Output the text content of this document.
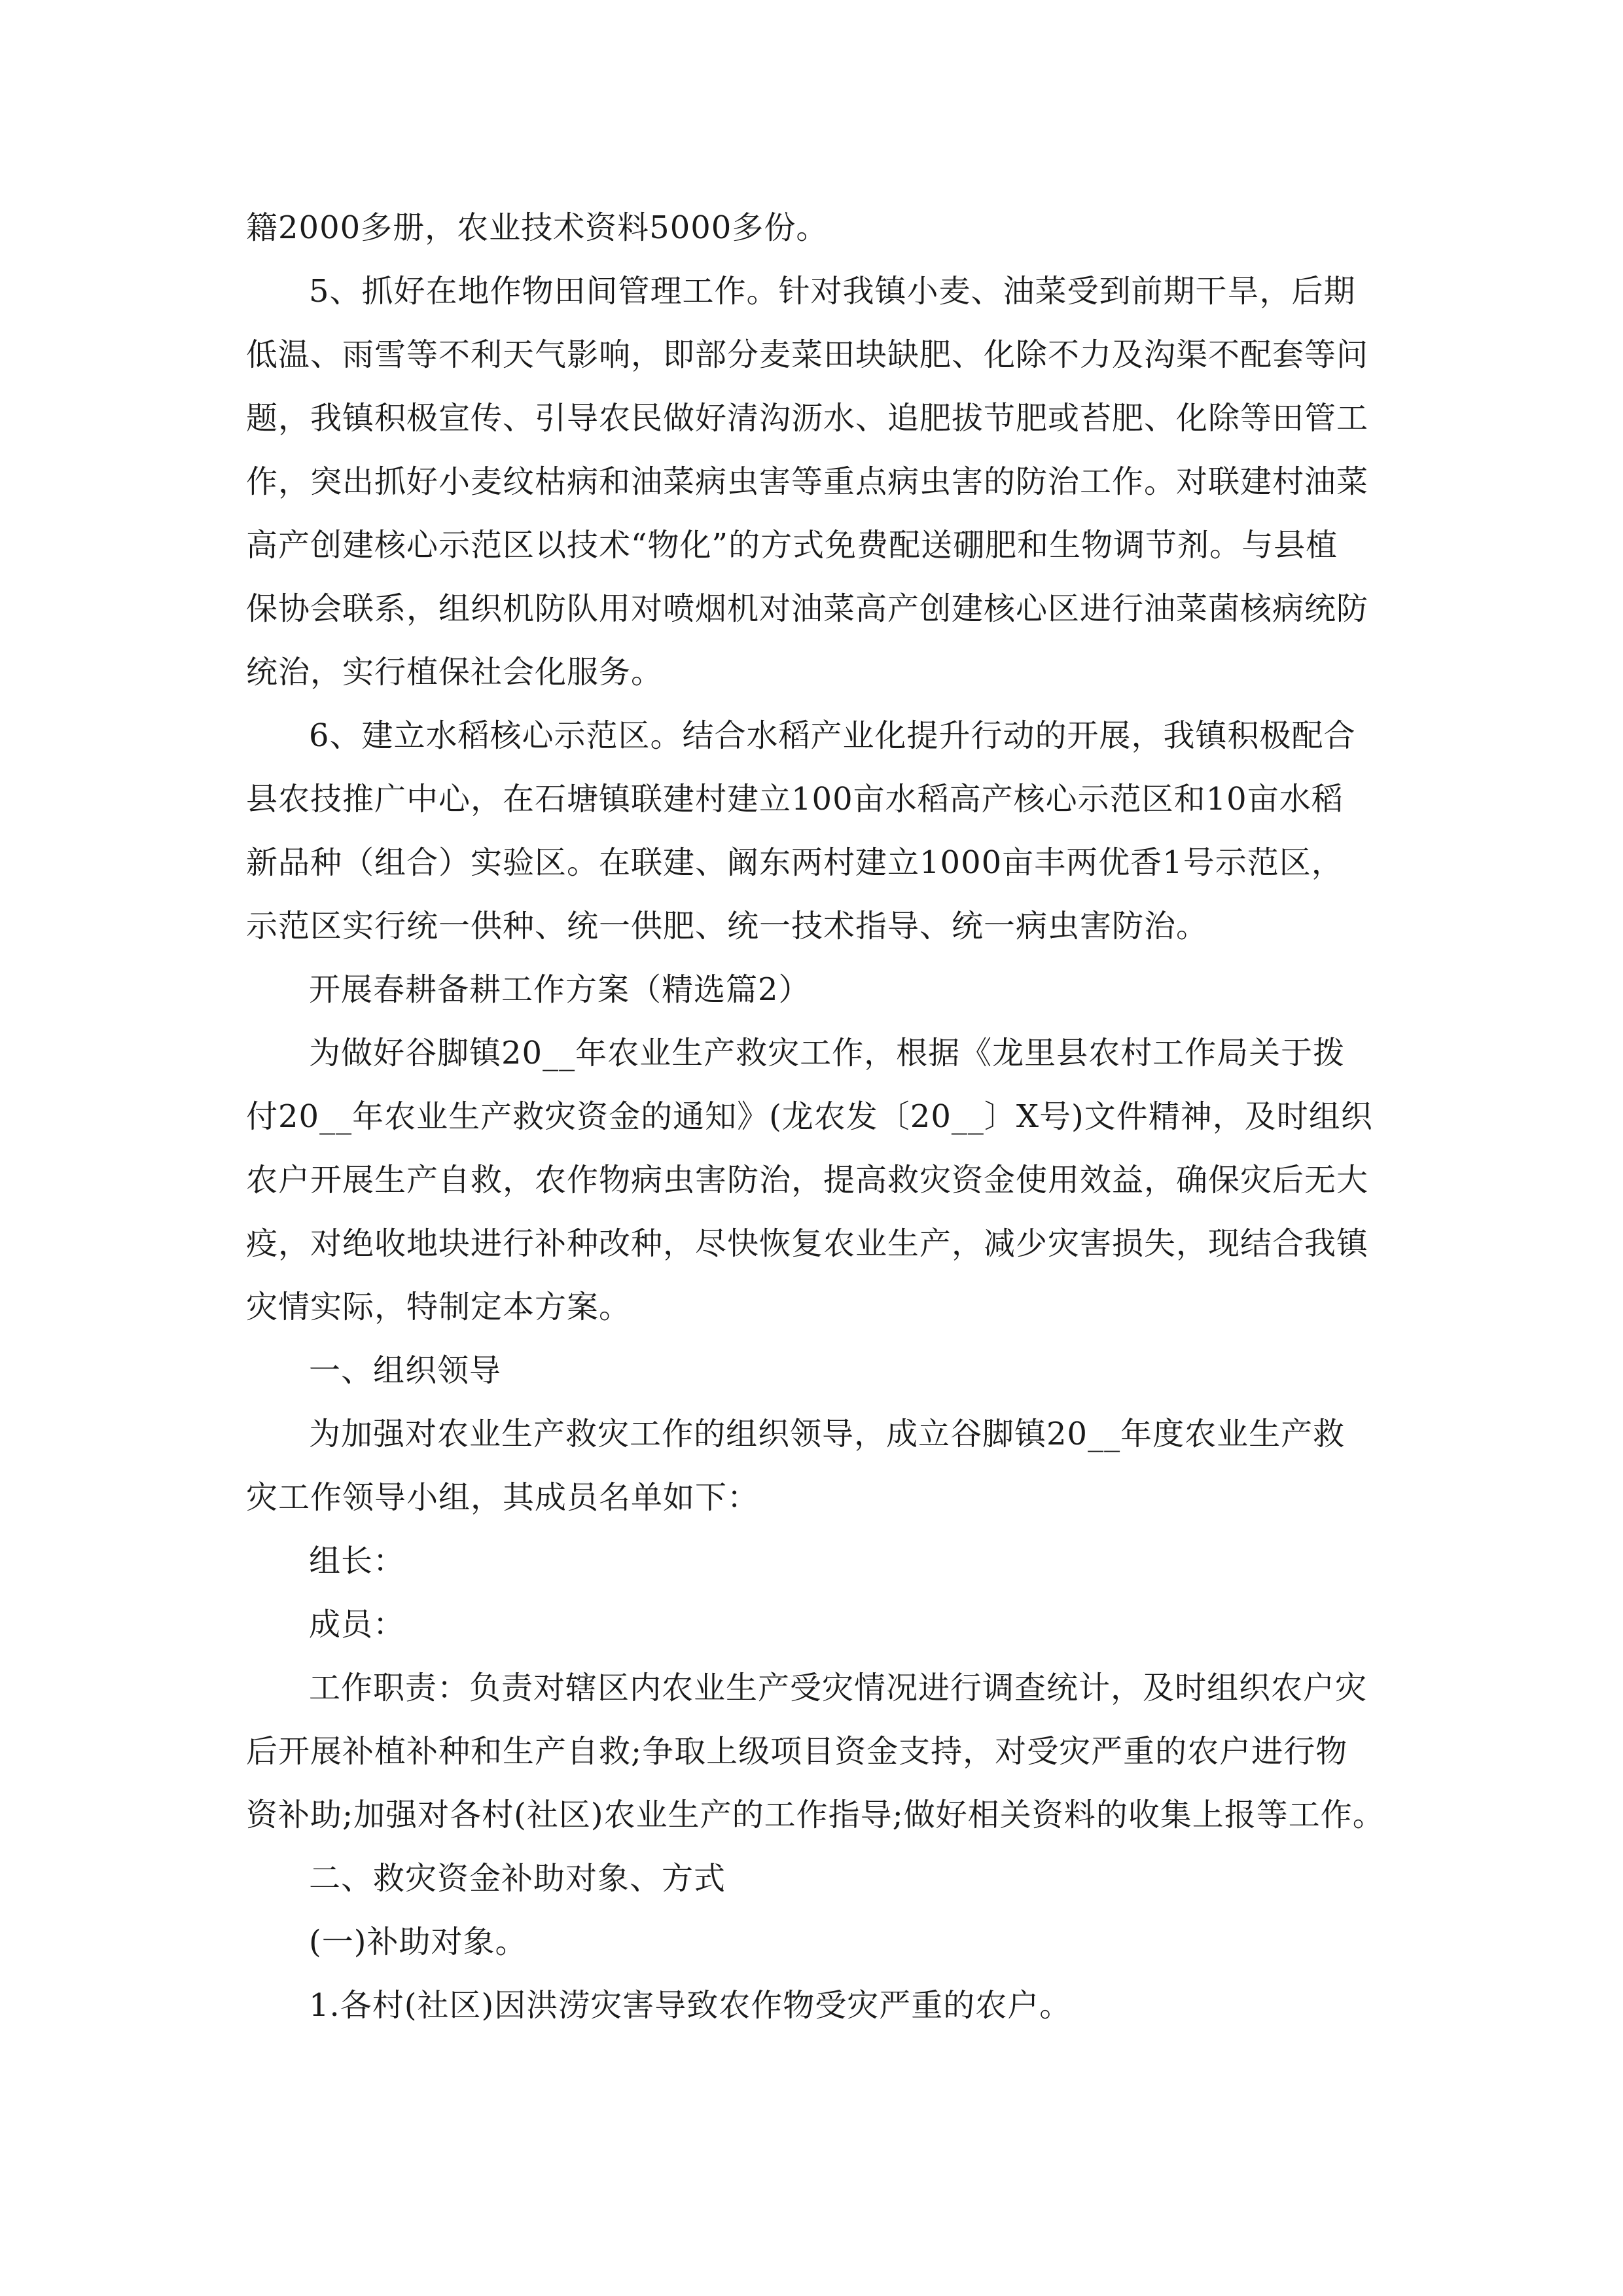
籍2000多册，农业技术资料5000多份。
5、抓好在地作物田间管理工作。针对我镇小麦、油菜受到前期干旱，后期
低温、雨雪等不利天气影响，即部分麦菜田块缺肥、化除不力及沟渠不配套等问
题，我镇积极宣传、引导农民做好清沟沥水、追肥拔节肥或苔肥、化除等田管工
作，突出抓好小麦纹枯病和油菜病虫害等重点病虫害的防治工作。对联建村油菜
高产创建核心示范区以技术“物化”的方式免费配送硼肥和生物调节剂。与县植
保协会联系，组织机防队用对喷烟机对油菜高产创建核心区进行油菜菌核病统防
统治，实行植保社会化服务。
6、建立水稻核心示范区。结合水稻产业化提升行动的开展，我镇积极配合
县农技推广中心，在石塘镇联建村建立100亩水稻高产核心示范区和10亩水稻
新品种（组合）实验区。在联建、阚东两村建立1000亩丰两优香1号示范区，
示范区实行统一供种、统一供肥、统一技术指导、统一病虫害防治。
开展春耕备耕工作方案（精选篇2）
为做好谷脚镇20__年农业生产救灾工作，根据《龙里县农村工作局关于拨
付20__年农业生产救灾资金的通知》(龙农发〔20__〕X号)文件精神，及时组织
农户开展生产自救，农作物病虫害防治，提高救灾资金使用效益，确保灾后无大
疫，对绝收地块进行补种改种，尽快恢复农业生产，减少灾害损失，现结合我镇
灾情实际，特制定本方案。
一、组织领导
为加强对农业生产救灾工作的组织领导，成立谷脚镇20__年度农业生产救
灾工作领导小组，其成员名单如下：
组长：
成员：
工作职责：负责对辖区内农业生产受灾情况进行调查统计，及时组织农户灾
后开展补植补种和生产自救;争取上级项目资金支持，对受灾严重的农户进行物
资补助;加强对各村(社区)农业生产的工作指导;做好相关资料的收集上报等工作。
二、救灾资金补助对象、方式
(一)补助对象。
1.各村(社区)因洪涝灾害导致农作物受灾严重的农户。
